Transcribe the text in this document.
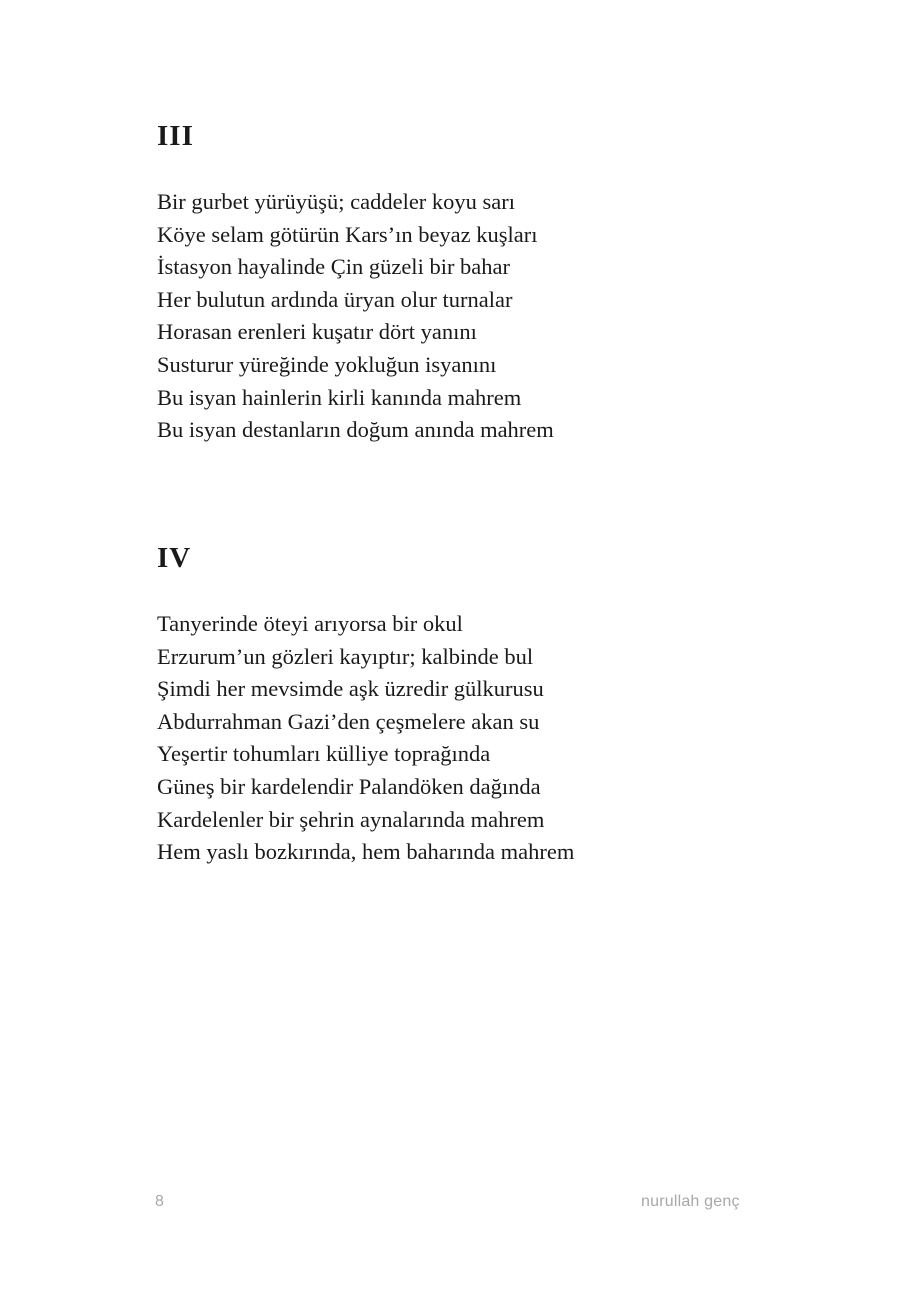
III
Bir gurbet yürüyüşü; caddeler koyu sarı
Köye selam götürün Kars’ın beyaz kuşları
İstasyon hayalinde Çin güzeli bir bahar
Her bulutun ardında üryan olur turnalar
Horasan erenleri kuşatır dört yanını
Susturur yüreğinde yokluğun isyanını
Bu isyan hainlerin kirli kanında mahrem
Bu isyan destanların doğum anında mahrem
IV
Tanyerinde öteyi arıyorsa bir okul
Erzurum’un gözleri kayıptır; kalbinde bul
Şimdi her mevsimde aşk üzredir gülkurusu
Abdurrahman Gazi’den çeşmelere akan su
Yeşertir tohumları külliye toprağında
Güneş bir kardelendir Palandöken dağında
Kardelenler bir şehrin aynalarında mahrem
Hem yaslı bozkırında, hem baharında mahrem
8	nurullah genç
